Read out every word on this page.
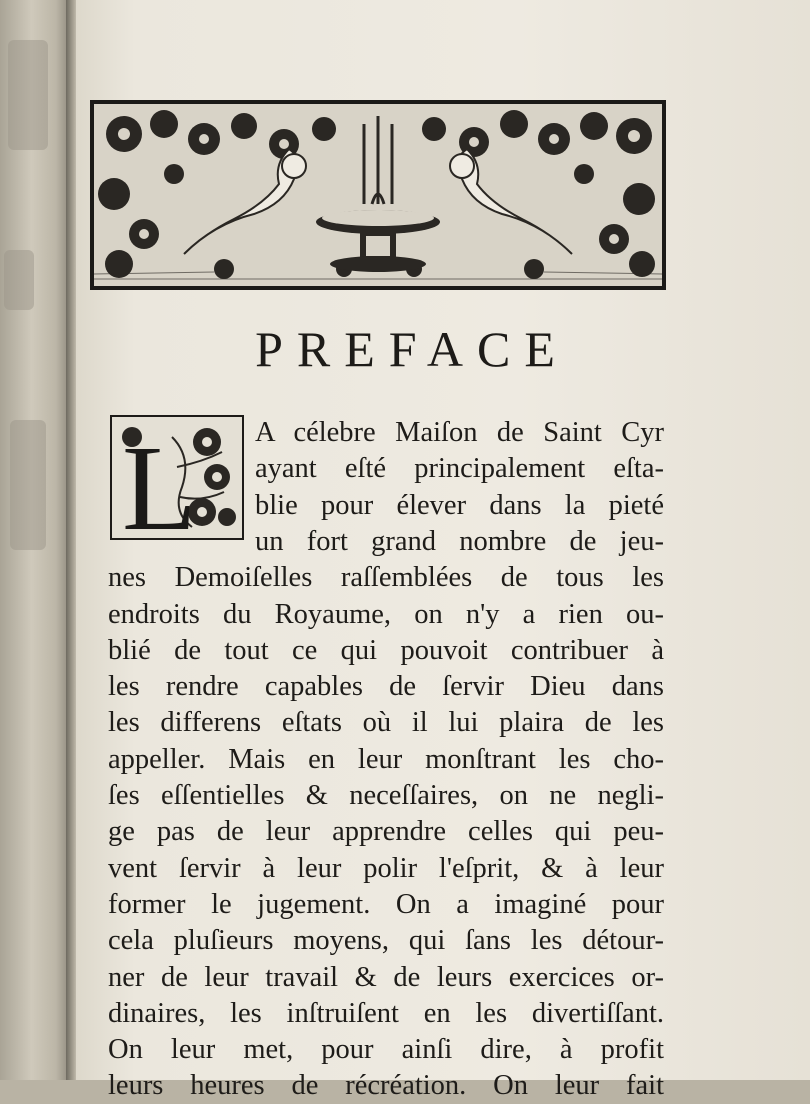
PREFACE
L A célebre Maiſon de Saint Cyr
ayant eſté principalement eſta-
blie pour élever dans la pieté
un fort grand nombre de jeu-
nes Demoiſelles raſſemblées de tous les
endroits du Royaume, on n'y a rien ou-
blié de tout ce qui pouvoit contribuer à
les rendre capables de ſervir Dieu dans
les differens eſtats où il lui plaira de les
appeller. Mais en leur monſtrant les cho-
ſes eſſentielles & neceſſaires, on ne negli-
ge pas de leur apprendre celles qui peu-
vent ſervir à leur polir l'eſprit, & à leur
former le jugement. On a imaginé pour
cela pluſieurs moyens, qui ſans les détour-
ner de leur travail & de leurs exercices or-
dinaires, les inſtruiſent en les divertiſſant.
On leur met, pour ainſi dire, à profit
leurs heures de récréation. On leur fait
